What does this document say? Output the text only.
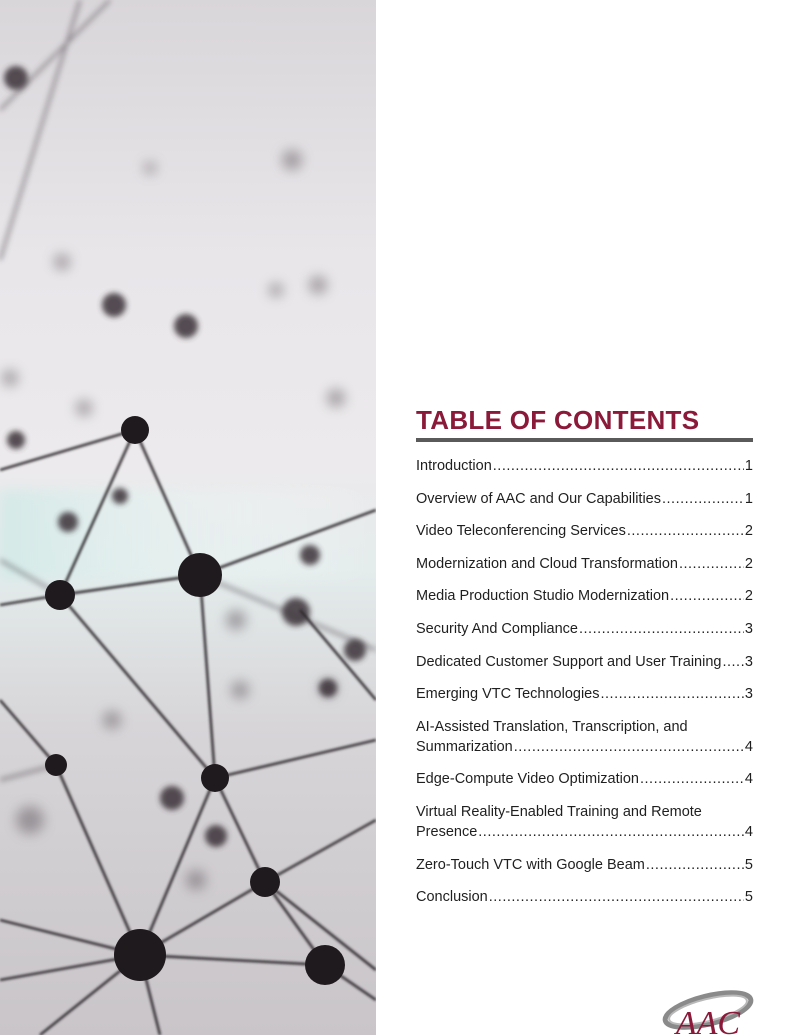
TABLE OF CONTENTS
Introduction .....	1
Overview of AAC and Our Capabilities .....	1
Video Teleconferencing Services .....	2
Modernization and Cloud Transformation .....	2
Media Production Studio Modernization .....	2
Security And Compliance .....	3
Dedicated Customer Support and User Training ..... 3
Emerging VTC Technologies .....	3
AI-Assisted Translation, Transcription, and
Summarization .....	4
Edge-Compute Video Optimization .....	4
Virtual Reality-Enabled Training and Remote
Presence .....	4
Zero-Touch VTC with Google Beam .....	5
Conclusion .....	5
AAC
